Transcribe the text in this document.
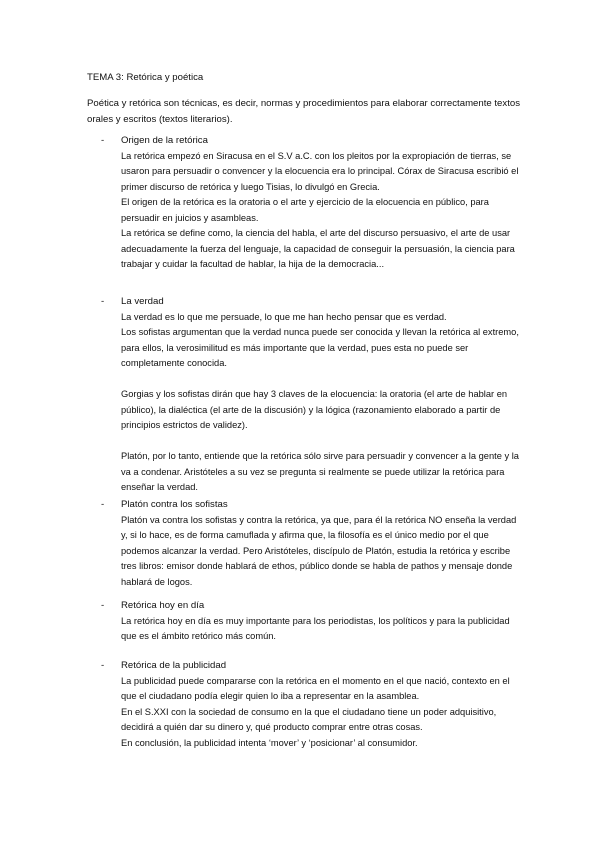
TEMA 3: Retórica y poética

Poética y retórica son técnicas, es decir, normas y procedimientos para elaborar correctamente textos orales y escritos (textos literarios).

- Origen de la retórica

La retórica empezó en Siracusa en el S.V a.C. con los pleitos por la expropiación de tierras, se usaron para persuadir o convencer y la elocuencia era lo principal. Córax de Siracusa escribió el primer discurso de retórica y luego Tisias, lo divulgó en Grecia.

El origen de la retórica es la oratoria o el arte y ejercicio de la elocuencia en público, para persuadir en juicios y asambleas.

La retórica se define como, la ciencia del habla, el arte del discurso persuasivo, el arte de usar adecuadamente la fuerza del lenguaje, la capacidad de conseguir la persuasión, la ciencia para trabajar y cuidar la facultad de hablar, la hija de la democracia...

- La verdad

La verdad es lo que me persuade, lo que me han hecho pensar que es verdad.

Los sofistas argumentan que la verdad nunca puede ser conocida y llevan la retórica al extremo, para ellos, la verosimilitud es más importante que la verdad, pues esta no puede ser completamente conocida.

Gorgias y los sofistas dirán que hay 3 claves de la elocuencia: la oratoria (el arte de hablar en público), la dialéctica (el arte de la discusión) y la lógica (razonamiento elaborado a partir de principios estrictos de validez).

Platón, por lo tanto, entiende que la retórica sólo sirve para persuadir y convencer a la gente y la va a condenar. Aristóteles a su vez se pregunta si realmente se puede utilizar la retórica para enseñar la verdad.

- Platón contra los sofistas

Platón va contra los sofistas y contra la retórica, ya que, para él la retórica NO enseña la verdad y, si lo hace, es de forma camuflada y afirma que, la filosofía es el único medio por el que podemos alcanzar la verdad. Pero Aristóteles, discípulo de Platón, estudia la retórica y escribe tres libros: emisor donde hablará de ethos, público donde se habla de pathos y mensaje donde hablará de logos.

- Retórica hoy en día

La retórica hoy en día es muy importante para los periodistas, los políticos y para la publicidad que es el ámbito retórico más común.

- Retórica de la publicidad

La publicidad puede compararse con la retórica en el momento en el que nació, contexto en el que el ciudadano podía elegir quien lo iba a representar en la asamblea.

En el S.XXI con la sociedad de consumo en la que el ciudadano tiene un poder adquisitivo, decidirá a quién dar su dinero y, qué producto comprar entre otras cosas.

En conclusión, la publicidad intenta ‘mover’ y ‘posicionar’ al consumidor.
